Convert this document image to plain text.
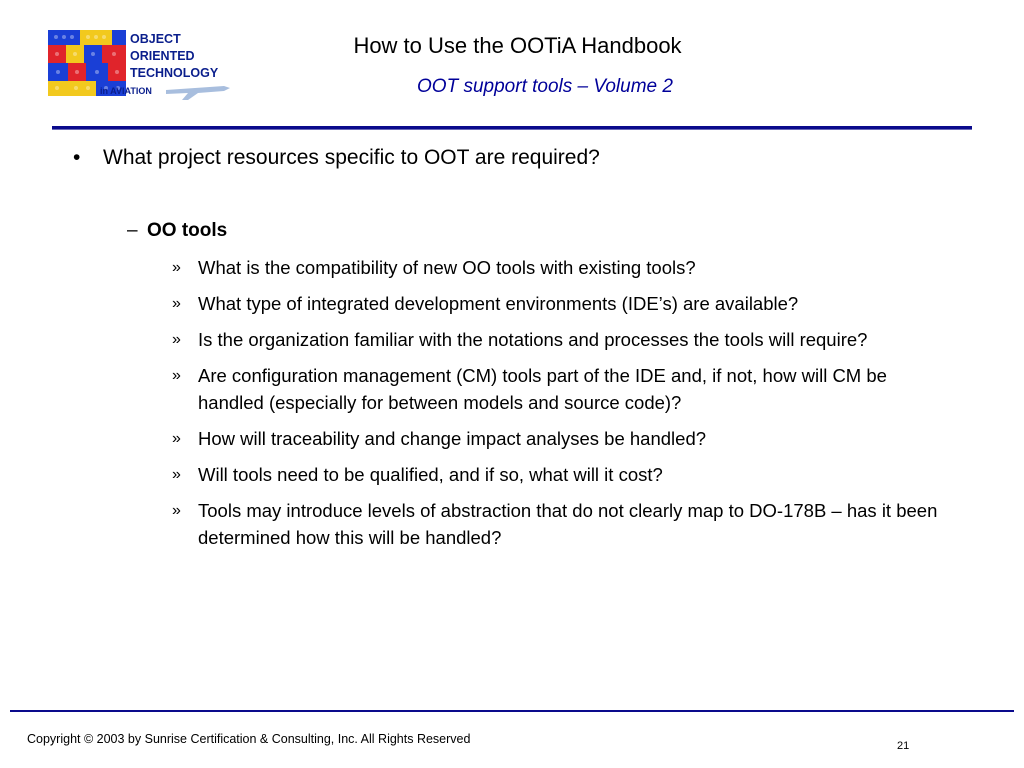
OBJECT
ORIENTED
TECHNOLOGY
in AVIATION
How to Use the OOTiA Handbook
OOT support tools – Volume 2
• What project resources specific to OOT are required?
– OO tools
» What is the compatibility of new OO tools with existing tools?
» What type of integrated development environments (IDE’s) are available?
» Is the organization familiar with the notations and processes the tools will require?
» Are configuration management (CM) tools part of the IDE and, if not, how will CM be handled (especially for between models and source code)?
» How will traceability and change impact analyses be handled?
» Will tools need to be qualified, and if so, what will it cost?
» Tools may introduce levels of abstraction that do not clearly map to DO-178B – has it been determined how this will be handled?
Copyright © 2003 by Sunrise Certification & Consulting, Inc. All Rights Reserved	21
